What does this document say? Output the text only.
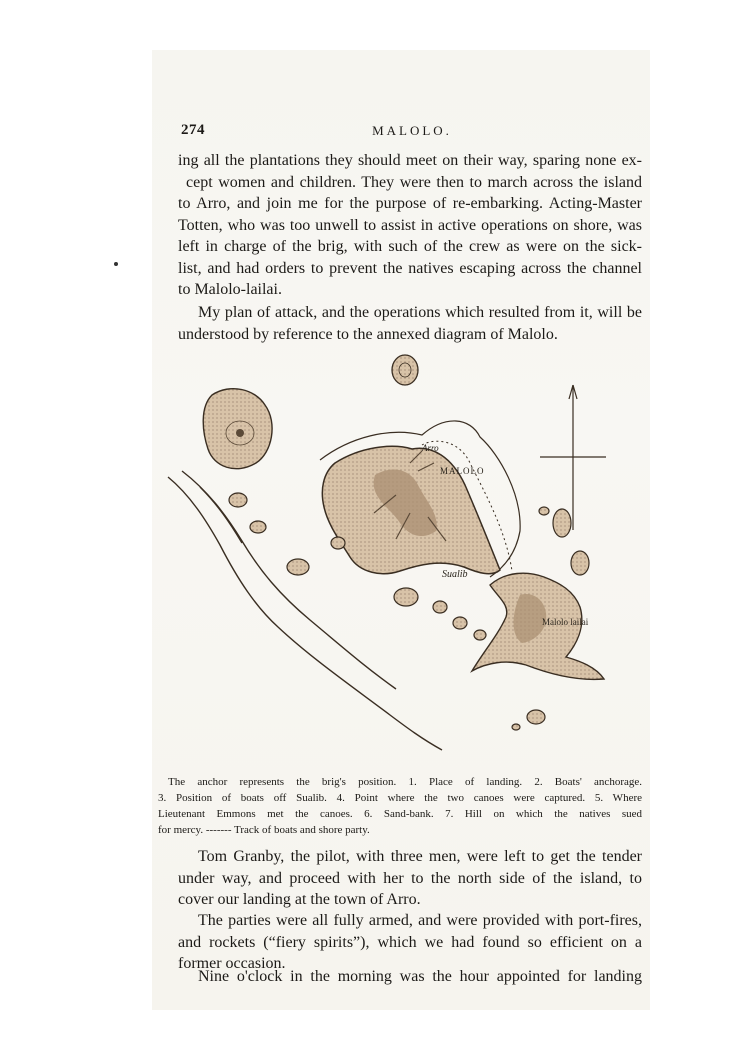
274	MALOLO.

ing all the plantations they should meet on their way, sparing none ex-
cept women and children. They were then to march across the island
to Arro, and join me for the purpose of re-embarking. Acting-Master
Totten, who was too unwell to assist in active operations on shore, was
left in charge of the brig, with such of the crew as were on the sick-
list, and had orders to prevent the natives escaping across the channel
to Malolo-lailai.

My plan of attack, and the operations which resulted from it, will be
understood by reference to the annexed diagram of Malolo.

Arro
MALOLO
Sualib
Malolo lailai

The anchor represents the brig's position. 1. Place of landing. 2. Boats' anchorage.
3. Position of boats off Sualib. 4. Point where the two canoes were captured. 5. Where
Lieutenant Emmons met the canoes. 6. Sand-bank. 7. Hill on which the natives sued
for mercy. ------- Track of boats and shore party.

Tom Granby, the pilot, with three men, were left to get the tender
under way, and proceed with her to the north side of the island, to
cover our landing at the town of Arro.

The parties were all fully armed, and were provided with port-fires,
and rockets (“fiery spirits”), which we had found so efficient on a
former occasion.

Nine o'clock in the morning was the hour appointed for landing
